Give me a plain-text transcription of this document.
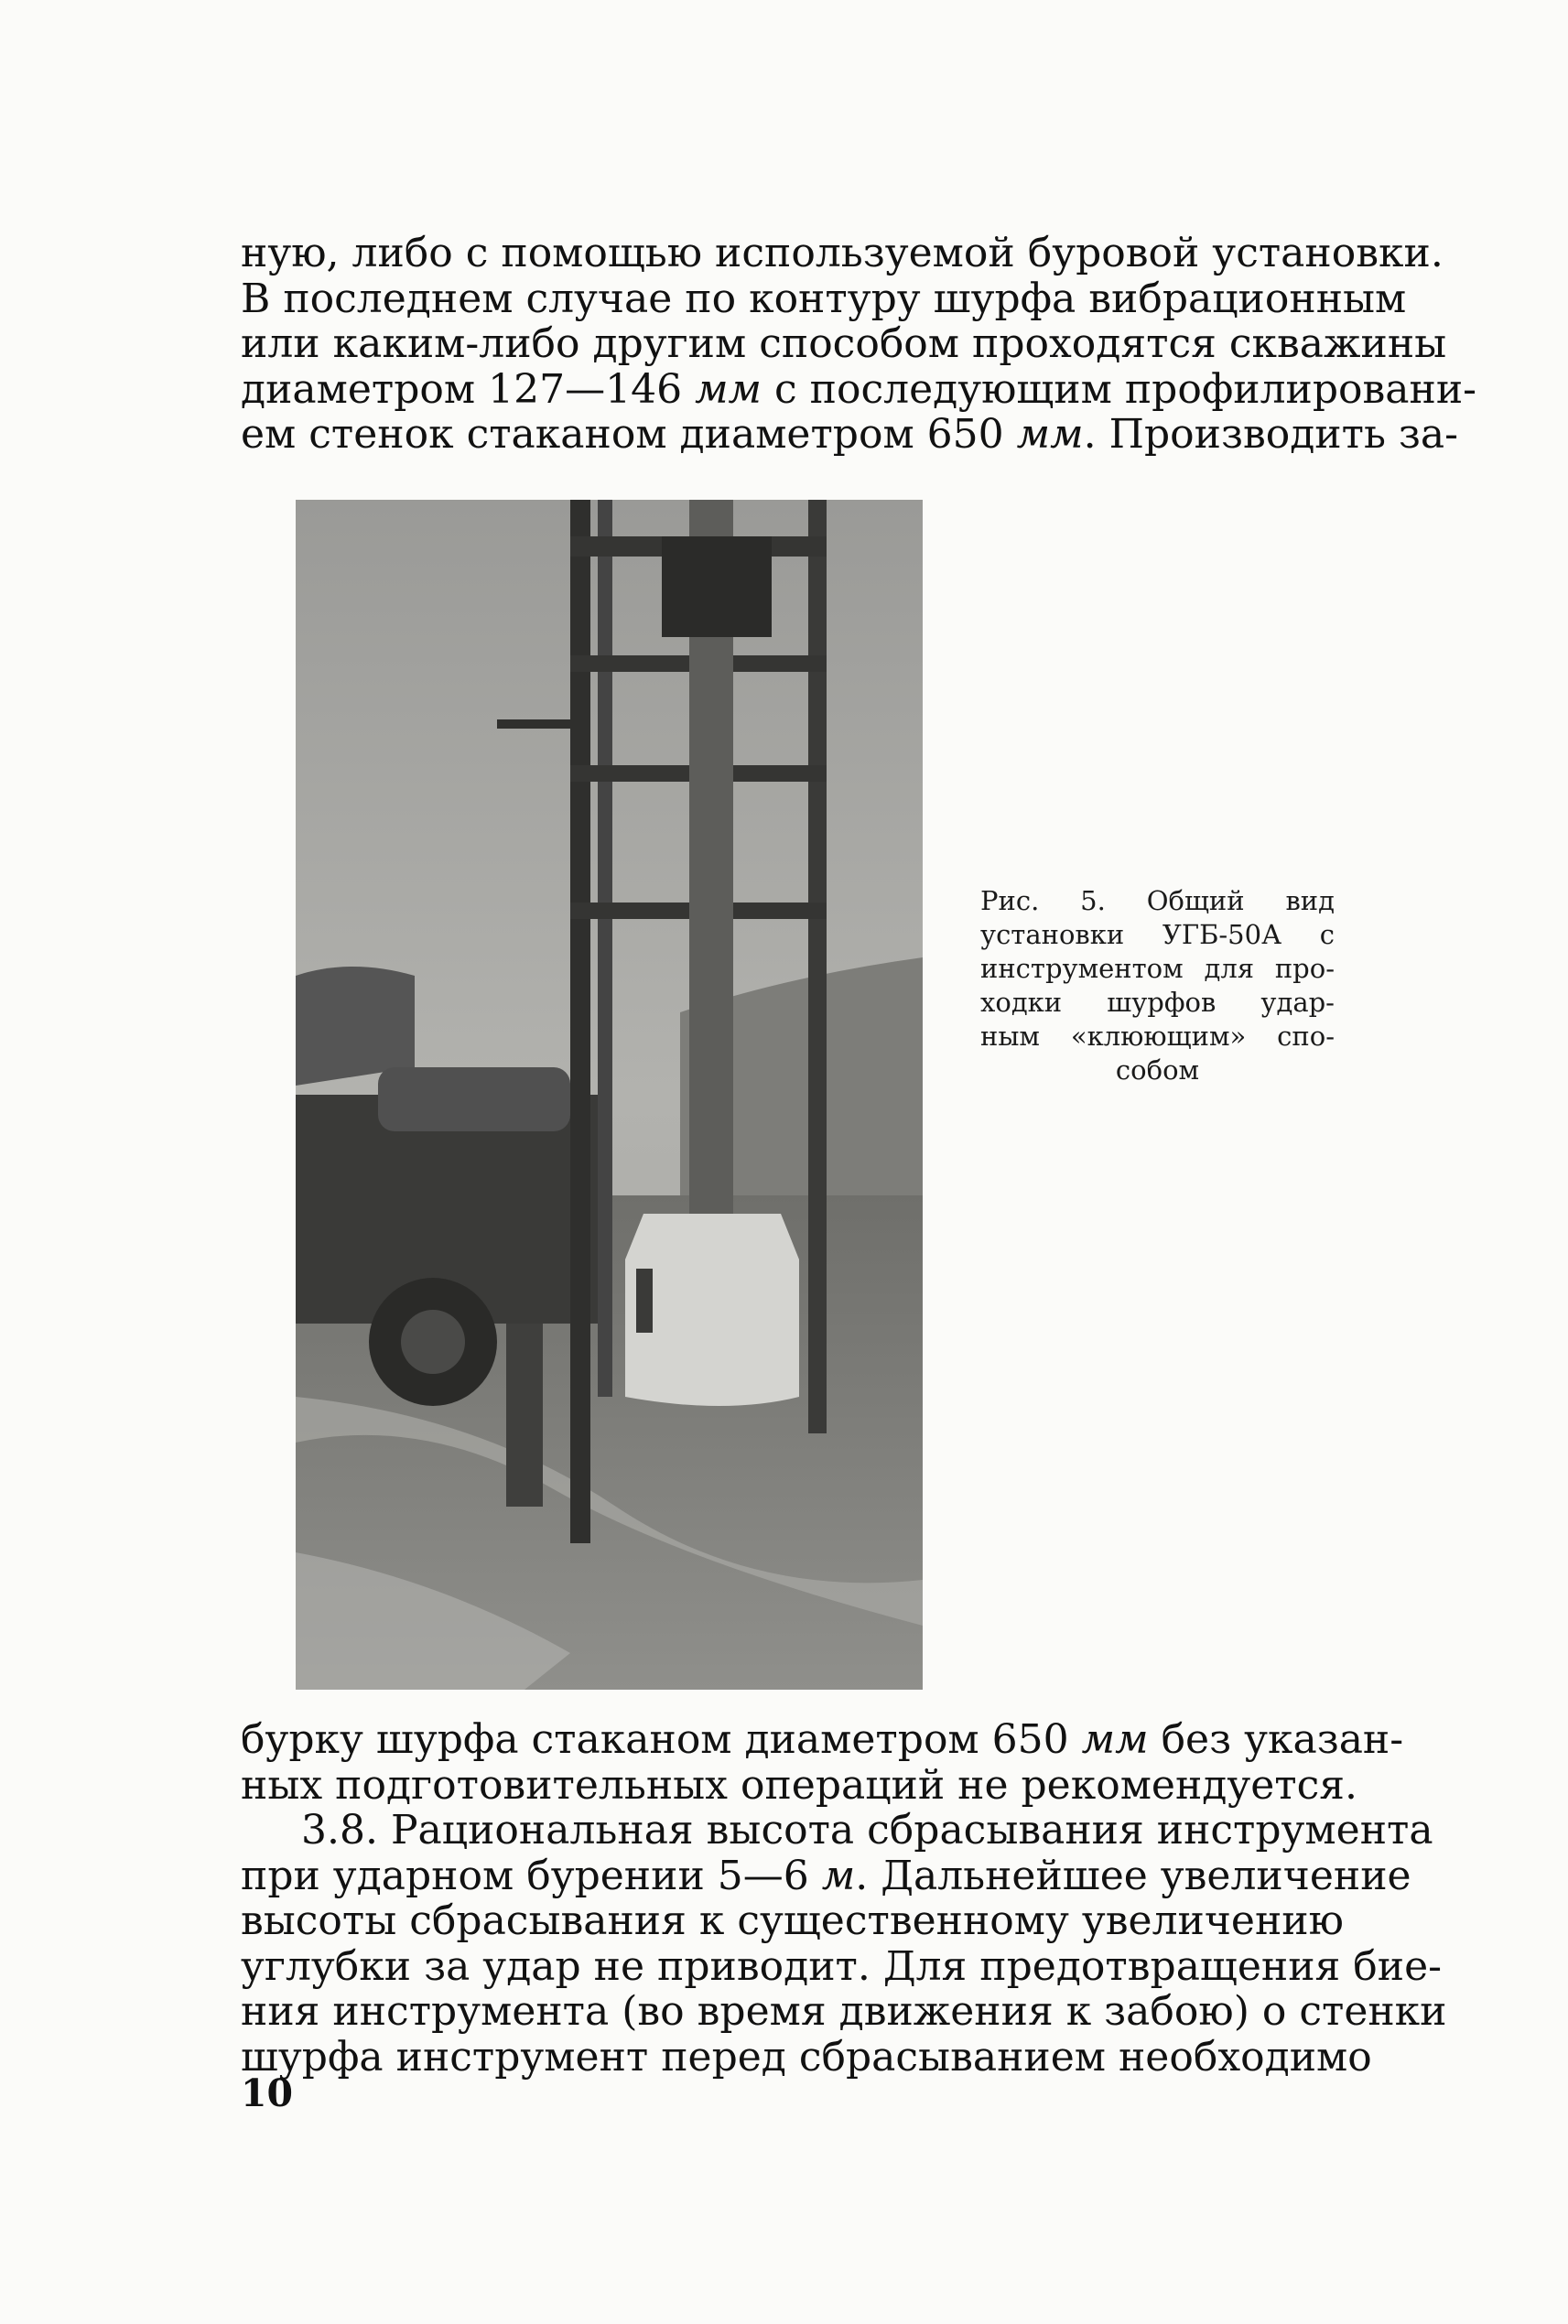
ную, либо с помощью используемой буровой установки.
В последнем случае по контуру шурфа вибрационным
или каким-либо другим способом проходятся скважины
диаметром 127—146 мм с последующим профилировани-
ем стенок стаканом диаметром 650 мм. Производить за-
Рис. 5. Общий вид
установки УГБ-50А с
инструментом для про-
ходки шурфов удар-
ным «клюющим» спо-
собом
бурку шурфа стаканом диаметром 650 мм без указан-
ных подготовительных операций не рекомендуется.
3.8. Рациональная высота сбрасывания инструмента
при ударном бурении 5—6 м. Дальнейшее увеличение
высоты сбрасывания к существенному увеличению
углубки за удар не приводит. Для предотвращения бие-
ния инструмента (во время движения к забою) о стенки
шурфа инструмент перед сбрасыванием необходимо
10
